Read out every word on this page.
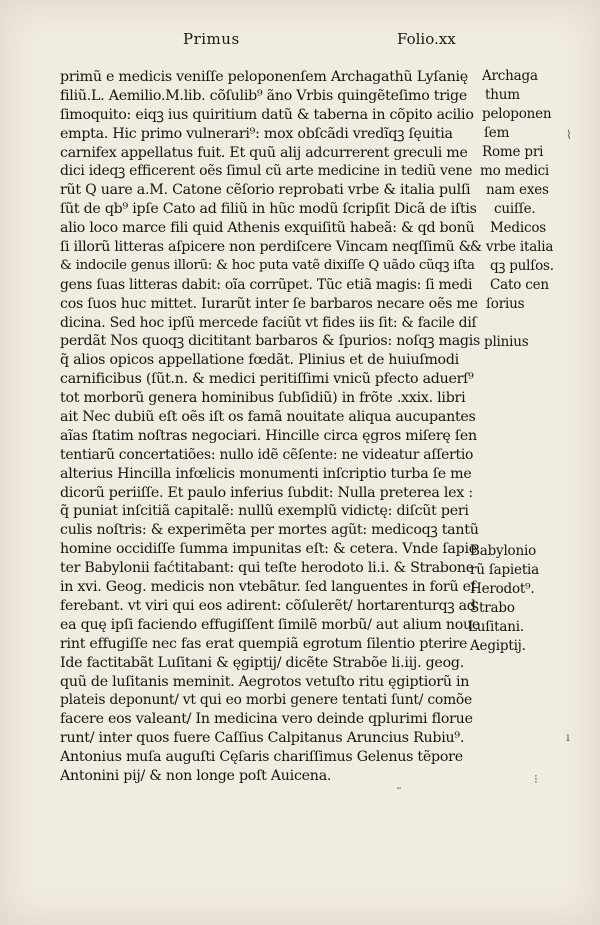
Primus	Folio.xx
primũ e medicis veniſſe peloponenſem Archagathũ Lyſanię
filiũ.L. Aemilio.M.lib. cõſulib⁹ ãno Vrbis quingẽteſimo trige
ſimoquito: eiqꝫ ius quiritium datũ & taberna in cõpito acilio
empta. Hic primo vulnerari⁹: mox obſcãdi vredĩqꝫ ſęuitia
carnifex appellatus fuit. Et quũ alij adcurrerent greculi me
dici ideqꝫ efficerent oẽs ſimul cũ arte medicine in tediũ vene
rũt Q uare a.M. Catone cẽſorio reprobati vrbe & italia pulſi
ſũt de qb⁹ ipſe Cato ad filiũ in hũc modũ ſcripſit Dicã de iſtis
alio loco marce fili quid Athenis exquiſitũ habeã: & qd bonũ
ſi illorũ litteras aſpicere non perdiſcere Vincam neqſſimũ &
& indocile genus illorũ: & hoc puta vatẽ dixiſſe Q uãdo cũqꝫ iſta
gens ſuas litteras dabit: oĩa corrũpet. Tũc etiã magis: ſi medi
cos ſuos huc mittet. Iurarũt inter ſe barbaros necare oẽs me
dicina. Sed hoc ipſũ mercede faciũt vt fides iis ſit: & facile diſ
perdãt Nos quoqꝫ dicititant barbaros & ſpurios: noſqꝫ magis
q̃ alios opicos appellatione fœdãt. Plinius et de huiuſmodi
carnificibus (ſũt.n. & medici peritiſſimi vnicũ pfecto aduerſ⁹
tot morborũ genera hominibus ſubſidiũ) in frõte .xxix. libri
ait Nec dubiũ eſt oẽs iſt os famã nouitate aliqua aucupantes
aĩas ſtatim noſtras negociari. Hincille circa ęgros miſerę ſen
tentiarũ concertatiões: nullo idẽ cẽſente: ne videatur aſſertio
alterius Hincilla infœlicis monumenti inſcriptio turba ſe me
dicorũ periiſſe. Et paulo inferius ſubdit: Nulla preterea lex :
q̃ puniat inſcitiã capitalẽ: nullũ exemplũ vidictę: diſcũt peri
culis noſtris: & experimẽta per mortes agũt: medicoqꝫ tantũ
homine occidiſſe ſumma impunitas eſt: & cetera. Vnde ſapie
ter Babylonii faćtitabant: qui teſte herodoto li.i. & Strabone
in xvi. Geog. medicis non vtebãtur. ſed languentes in forũ ef
ferebant. vt viri qui eos adirent: cõſulerẽt/ hortarenturqꝫ ad
ea quę ipſi faciendo effugiſſent ſimilẽ morbũ/ aut alium noue
rint effugiſſe nec fas erat quempiã egrotum ſilentio pterire
Ide factitabãt Luſitani & ęgiptij/ dicẽte Strabõe li.iij. geog.
quũ de luſitanis meminit. Aegrotos vetuſto ritu ęgiptiorũ in
plateis deponunt/ vt qui eo morbi genere tentati ſunt/ comõe
facere eos valeant/ In medicina vero deinde qplurimi florue
runt/ inter quos fuere Caſſius Calpitanus Aruncius Rubiu⁹.
Antonius muſa auguſti Cęſaris chariſſimus Gelenus tẽpore
Antonini pij/ & non longe poſt Auicena.
Archaga
thum
peloponen
ſem
Rome pri
mo medici
nam exes
cuiſſe.
Medicos
& vrbe italia
qꝫ pulſos.
Cato cen
ſorius
plinius
Babylonio
rũ ſapietia
Herodot⁹.
Strabo
Luſitani.
Aegiptij.
⌇
ı
⁝
˜
